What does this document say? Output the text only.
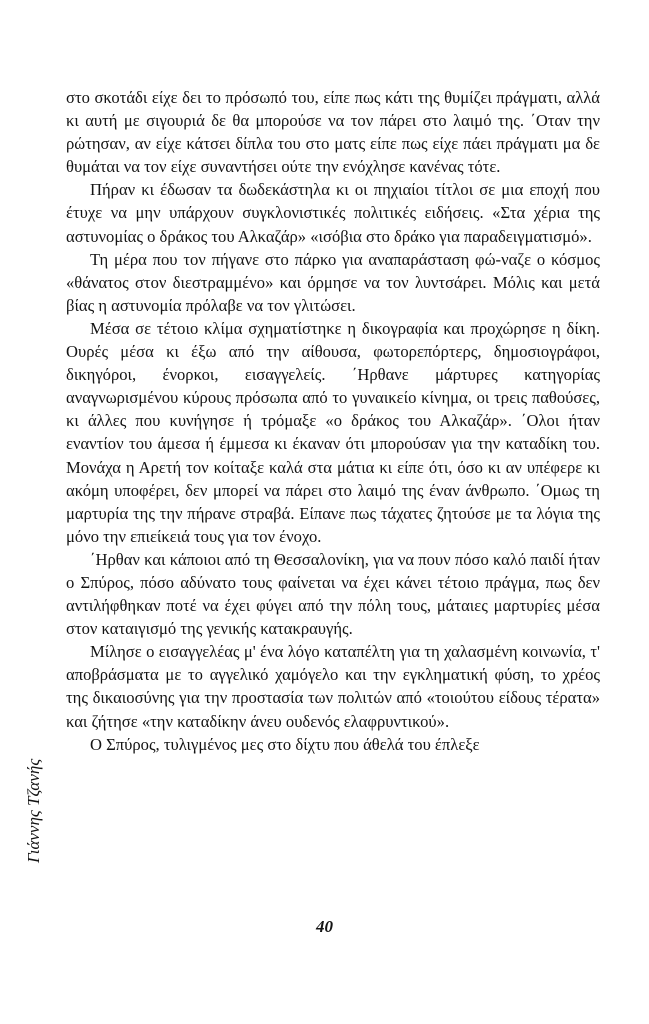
στο σκοτάδι είχε δει το πρόσωπό του, είπε πως κάτι της θυμίζει πράγματι, αλλά κι αυτή με σιγουριά δε θα μπορούσε να τον πάρει στο λαιμό της. ΄Οταν την ρώτησαν, αν είχε κάτσει δίπλα του στο ματς είπε πως είχε πάει πράγματι μα δε θυμάται να τον είχε συναντήσει ούτε την ενόχλησε κανένας τότε.

Πήραν κι έδωσαν τα δωδεκάστηλα κι οι πηχιαίοι τίτλοι σε μια εποχή που έτυχε να μην υπάρχουν συγκλονιστικές πολιτικές ειδήσεις. «Στα χέρια της αστυνομίας ο δράκος του Αλκαζάρ» «ισόβια στο δράκο για παραδειγματισμό».

Τη μέρα που τον πήγανε στο πάρκο για αναπαράσταση φώ-ναζε ο κόσμος «θάνατος στον διεστραμμένο» και όρμησε να τον λυντσάρει. Μόλις και μετά βίας η αστυνομία πρόλαβε να τον γλιτώσει.

Μέσα σε τέτοιο κλίμα σχηματίστηκε η δικογραφία και προχώρησε η δίκη. Ουρές μέσα κι έξω από την αίθουσα, φωτορεπόρτερς, δημοσιογράφοι, δικηγόροι, ένορκοι, εισαγγελείς. ΄Ηρθανε μάρτυρες κατηγορίας αναγνωρισμένου κύρους πρόσωπα από το γυναικείο κίνημα, οι τρεις παθούσες, κι άλλες που κυνήγησε ή τρόμαξε «ο δράκος του Αλκαζάρ». ΄Ολοι ήταν εναντίον του άμεσα ή έμμεσα κι έκαναν ότι μπορούσαν για την καταδίκη του. Μονάχα η Αρετή τον κοίταξε καλά στα μάτια κι είπε ότι, όσο κι αν υπέφερε κι ακόμη υποφέρει, δεν μπορεί να πάρει στο λαιμό της έναν άνθρωπο. ΄Ομως τη μαρτυρία της την πήρανε στραβά. Είπανε πως τάχατες ζητούσε με τα λόγια της μόνο την επιείκειά τους για τον ένοχο.

΄Ηρθαν και κάποιοι από τη Θεσσαλονίκη, για να πουν πόσο καλό παιδί ήταν ο Σπύρος, πόσο αδύνατο τους φαίνεται να έχει κάνει τέτοιο πράγμα, πως δεν αντιλήφθηκαν ποτέ να έχει φύγει από την πόλη τους, μάταιες μαρτυρίες μέσα στον καταιγισμό της γενικής κατακραυγής.

Μίλησε ο εισαγγελέας μ' ένα λόγο καταπέλτη για τη χαλασμένη κοινωνία, τ' αποβράσματα με το αγγελικό χαμόγελο και την εγκληματική φύση, το χρέος της δικαιοσύνης για την προστασία των πολιτών από «τοιούτου είδους τέρατα» και ζήτησε «την καταδίκην άνευ ουδενός ελαφρυντικού».

Ο Σπύρος, τυλιγμένος μες στο δίχτυ που άθελά του έπλεξε

Γιάννης Τζανής
40
